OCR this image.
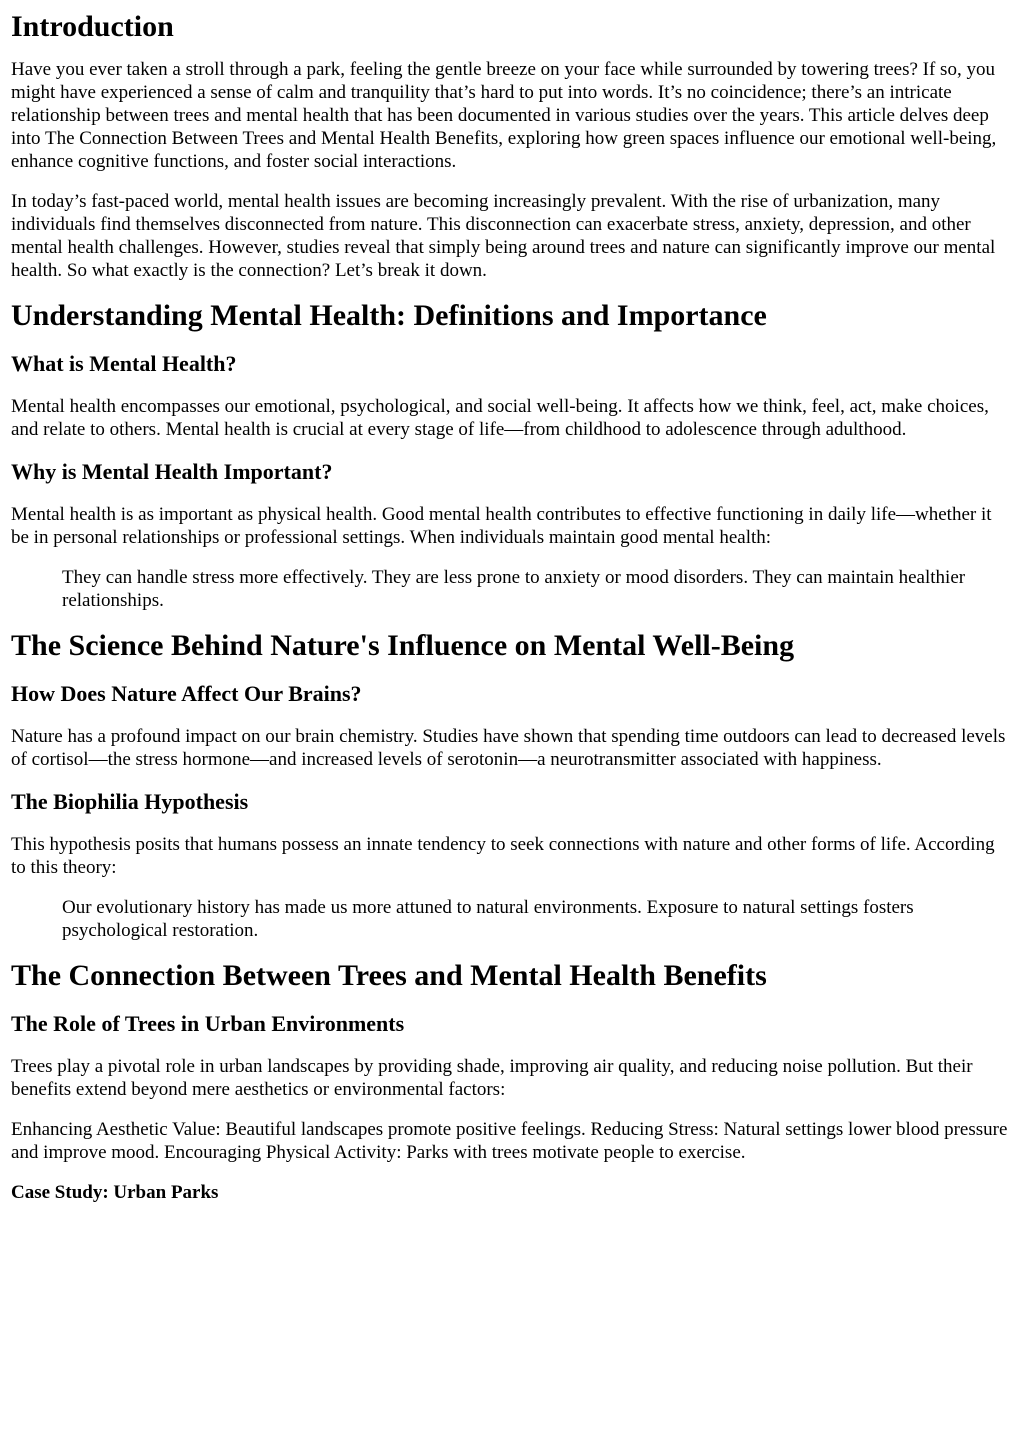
Introduction

Have you ever taken a stroll through a park, feeling the gentle breeze on your face while surrounded by towering trees? If so, you might have experienced a sense of calm and tranquility that’s hard to put into words. It’s no coincidence; there’s an intricate relationship between trees and mental health that has been documented in various studies over the years. This article delves deep into The Connection Between Trees and Mental Health Benefits, exploring how green spaces influence our emotional well-being, enhance cognitive functions, and foster social interactions.

In today’s fast-paced world, mental health issues are becoming increasingly prevalent. With the rise of urbanization, many individuals find themselves disconnected from nature. This disconnection can exacerbate stress, anxiety, depression, and other mental health challenges. However, studies reveal that simply being around trees and nature can significantly improve our mental health. So what exactly is the connection? Let’s break it down.

Understanding Mental Health: Definitions and Importance
What is Mental Health?

Mental health encompasses our emotional, psychological, and social well-being. It affects how we think, feel, act, make choices, and relate to others. Mental health is crucial at every stage of life—from childhood to adolescence through adulthood.

Why is Mental Health Important?

Mental health is as important as physical health. Good mental health contributes to effective functioning in daily life—whether it be in personal relationships or professional settings. When individuals maintain good mental health:

They can handle stress more effectively. They are less prone to anxiety or mood disorders. They can maintain healthier relationships.
The Science Behind Nature's Influence on Mental Well-Being
How Does Nature Affect Our Brains?

Nature has a profound impact on our brain chemistry. Studies have shown that spending time outdoors can lead to decreased levels of cortisol—the stress hormone—and increased levels of serotonin—a neurotransmitter associated with happiness.

The Biophilia Hypothesis

This hypothesis posits that humans possess an innate tendency to seek connections with nature and other forms of life. According to this theory:

Our evolutionary history has made us more attuned to natural environments. Exposure to natural settings fosters psychological restoration.
The Connection Between Trees and Mental Health Benefits
The Role of Trees in Urban Environments

Trees play a pivotal role in urban landscapes by providing shade, improving air quality, and reducing noise pollution. But their benefits extend beyond mere aesthetics or environmental factors:

Enhancing Aesthetic Value: Beautiful landscapes promote positive feelings. Reducing Stress: Natural settings lower blood pressure and improve mood. Encouraging Physical Activity: Parks with trees motivate people to exercise.

Case Study: Urban Parks
